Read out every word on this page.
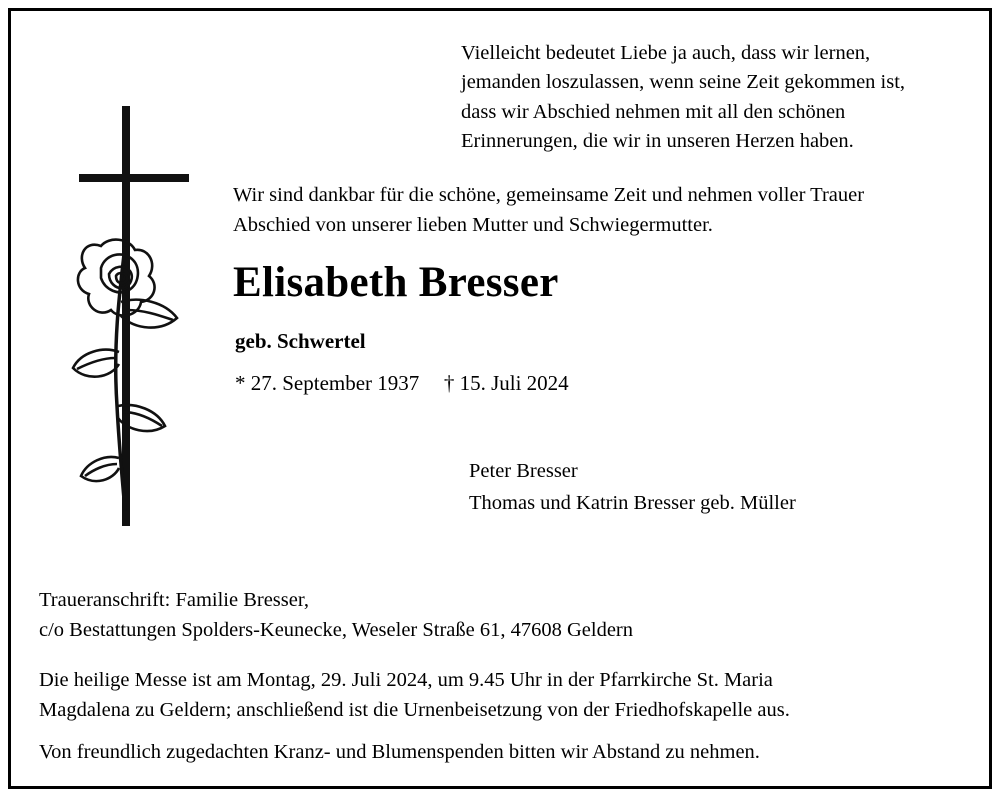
Vielleicht bedeutet Liebe ja auch, dass wir lernen,
jemanden loszulassen, wenn seine Zeit gekommen ist,
dass wir Abschied nehmen mit all den schönen
Erinnerungen, die wir in unseren Herzen haben.
Wir sind dankbar für die schöne, gemeinsame Zeit und nehmen voller Trauer
Abschied von unserer lieben Mutter und Schwiegermutter.
Elisabeth Bresser
geb. Schwertel
* 27. September 1937 † 15. Juli 2024
Peter Bresser
Thomas und Katrin Bresser geb. Müller
Traueranschrift: Familie Bresser,
c/o Bestattungen Spolders-Keunecke, Weseler Straße 61, 47608 Geldern
Die heilige Messe ist am Montag, 29. Juli 2024, um 9.45 Uhr in der Pfarrkirche St. Maria
Magdalena zu Geldern; anschließend ist die Urnenbeisetzung von der Friedhofskapelle aus.
Von freundlich zugedachten Kranz- und Blumenspenden bitten wir Abstand zu nehmen.
